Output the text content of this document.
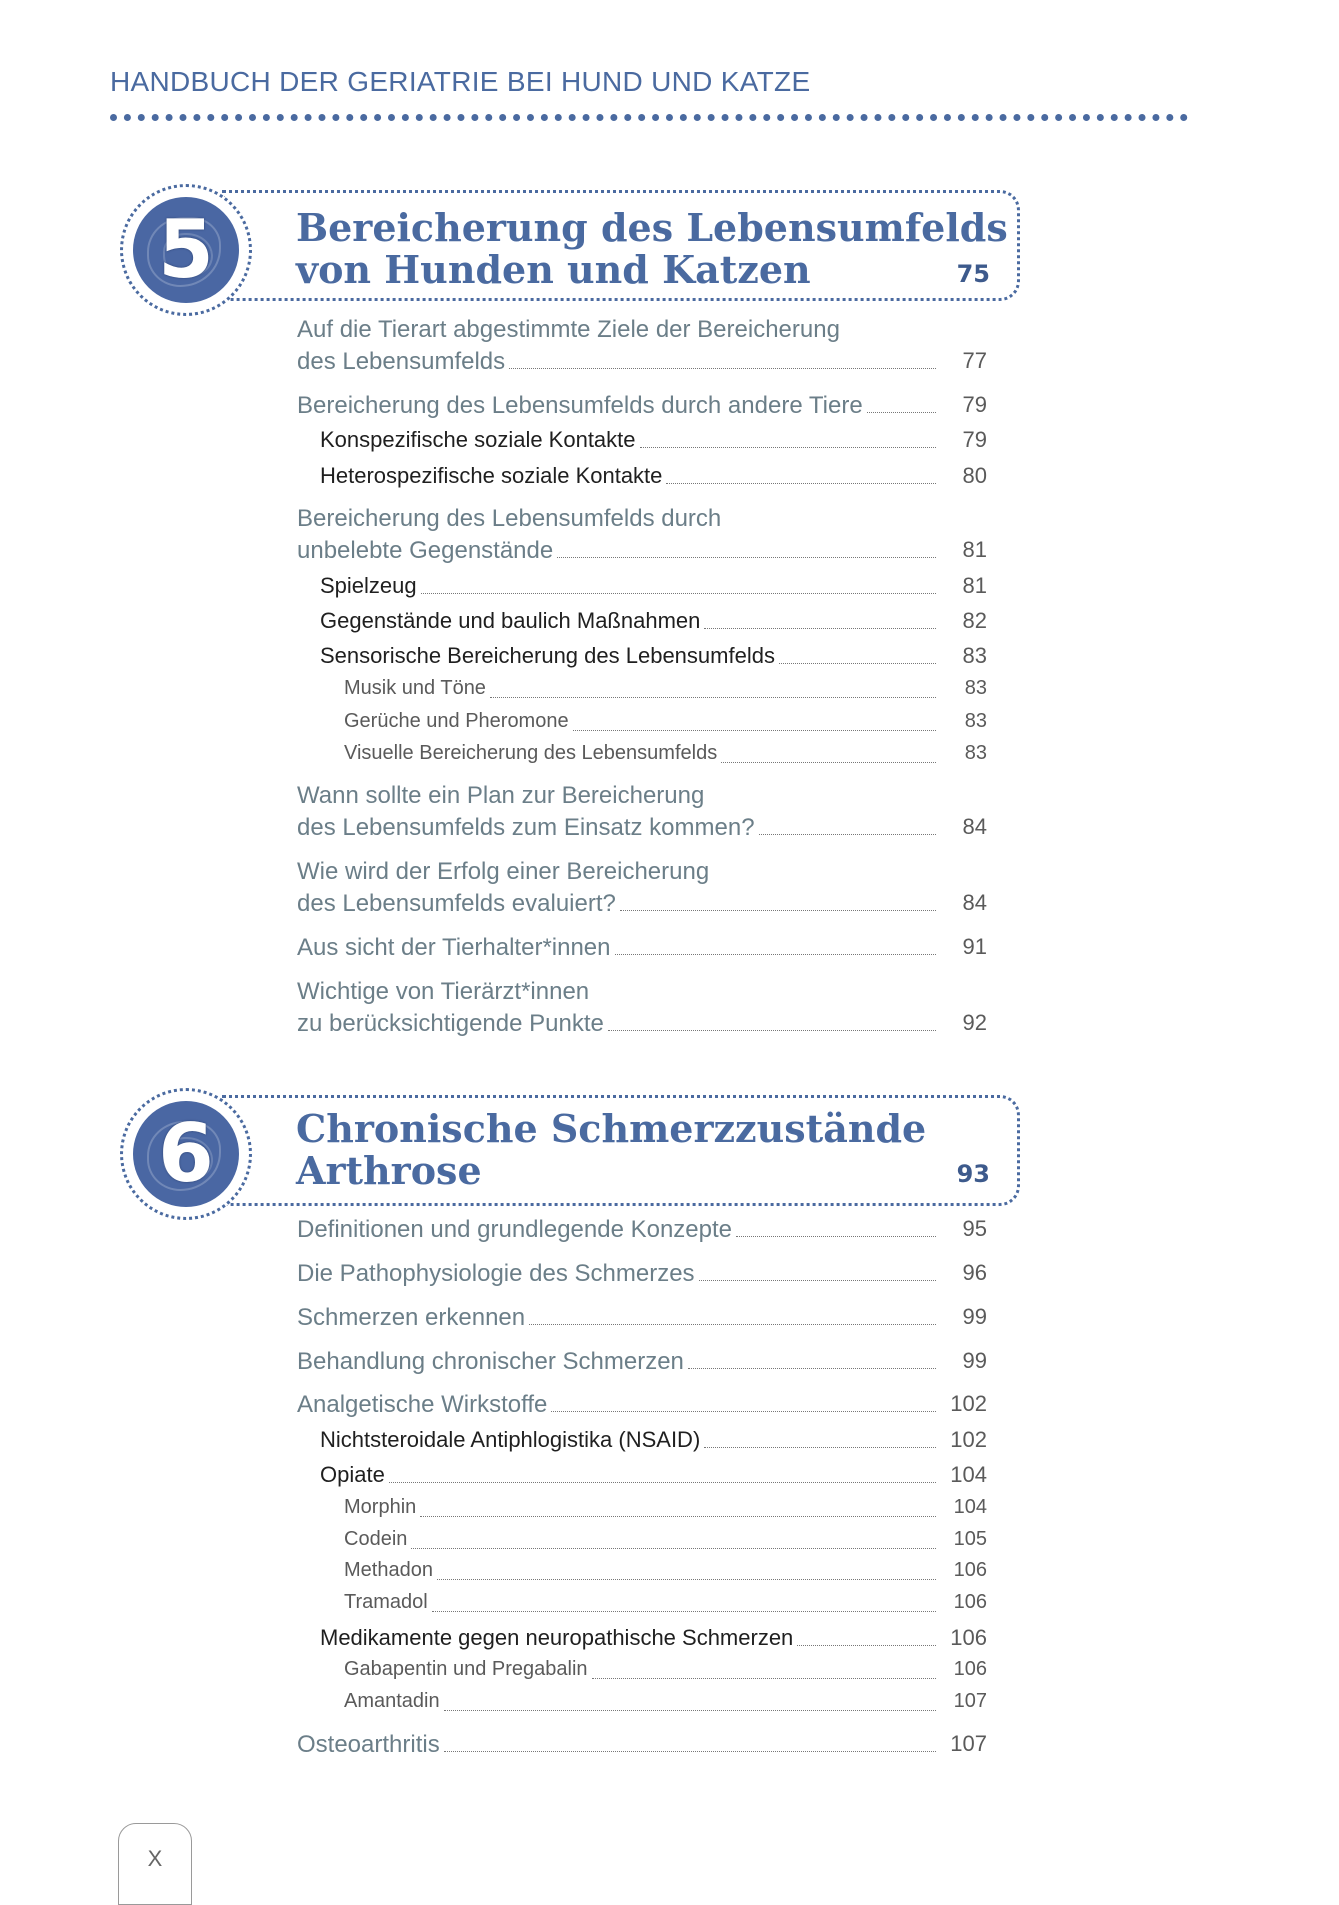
HANDBUCH DER GERIATRIE BEI HUND UND KATZE
5	Bereicherung des Lebensumfelds
von Hunden und Katzen	75
6	Chronische Schmerzzustände
Arthrose	93
Auf die Tierart abgestimmte Ziele der Bereicherung
des Lebensumfelds	77
Bereicherung des Lebensumfelds durch andere Tiere	79
Konspezifische soziale Kontakte	79
Heterospezifische soziale Kontakte	80
Bereicherung des Lebensumfelds durch
unbelebte Gegenstände	81
Spielzeug	81
Gegenstände und baulich Maßnahmen	82
Sensorische Bereicherung des Lebensumfelds	83
Musik und Töne	83
Gerüche und Pheromone	83
Visuelle Bereicherung des Lebensumfelds	83
Wann sollte ein Plan zur Bereicherung
des Lebensumfelds zum Einsatz kommen?	84
Wie wird der Erfolg einer Bereicherung
des Lebensumfelds evaluiert?	84
Aus sicht der Tierhalter*innen	91
Wichtige von Tierärzt*innen
zu berücksichtigende Punkte	92
Definitionen und grundlegende Konzepte	95
Die Pathophysiologie des Schmerzes	96
Schmerzen erkennen	99
Behandlung chronischer Schmerzen	99
Analgetische Wirkstoffe	102
Nichtsteroidale Antiphlogistika (NSAID)	102
Opiate	104
Morphin	104
Codein	105
Methadon	106
Tramadol	106
Medikamente gegen neuropathische Schmerzen	106
Gabapentin und Pregabalin	106
Amantadin	107
Osteoarthritis	107
X
